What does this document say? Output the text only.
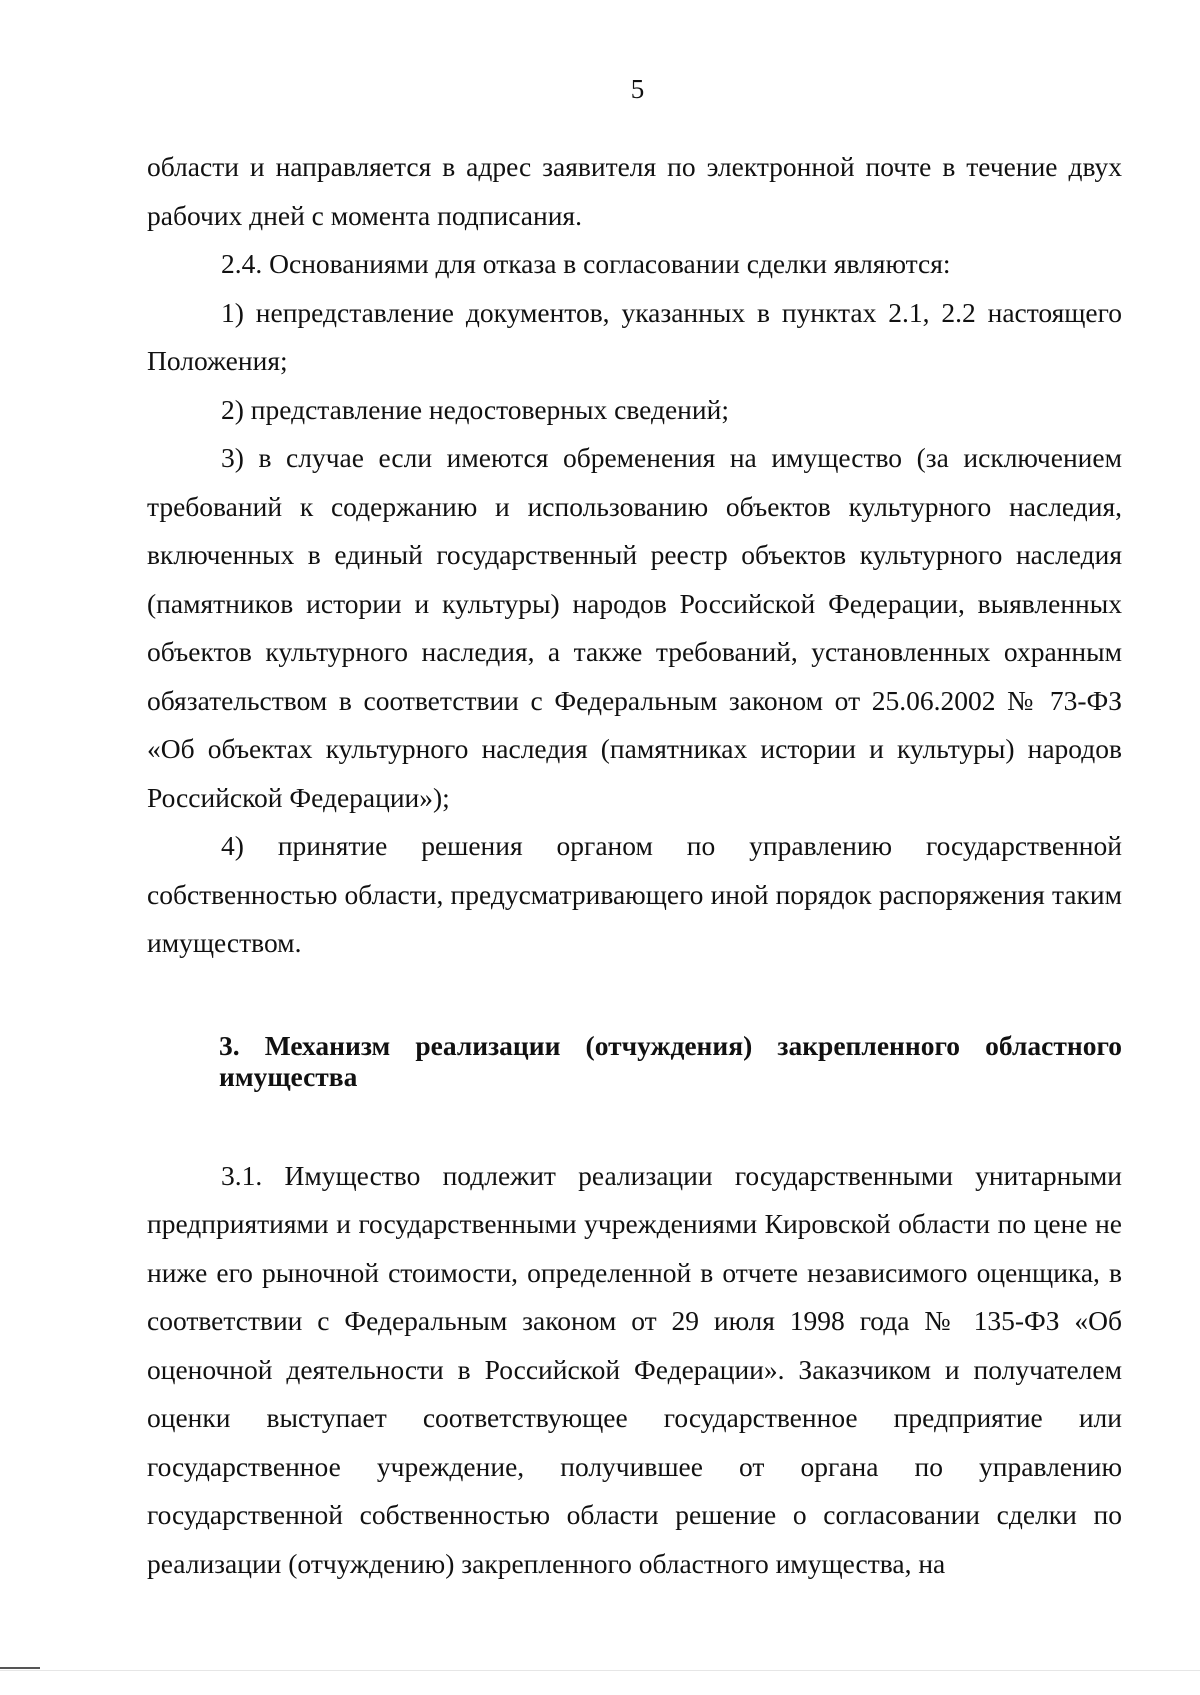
5

области и направляется в адрес заявителя по электронной почте в течение двух рабочих дней с момента подписания.

2.4. Основаниями для отказа в согласовании сделки являются:

1) непредставление документов, указанных в пунктах 2.1, 2.2 настоящего Положения;

2) представление недостоверных сведений;

3) в случае если имеются обременения на имущество (за исключением требований к содержанию и использованию объектов культурного наследия, включенных в единый государственный реестр объектов культурного наследия (памятников истории и культуры) народов Российской Федерации, выявленных объектов культурного наследия, а также требований, установленных охранным обязательством в соответствии с Федеральным законом от 25.06.2002 № 73-ФЗ «Об объектах культурного наследия (памятниках истории и культуры) народов Российской Федерации»);

4) принятие решения органом по управлению государственной собственностью области, предусматривающего иной порядок распоряжения таким имуществом.

3. Механизм реализации (отчуждения) закрепленного областного имущества

3.1. Имущество подлежит реализации государственными унитарными предприятиями и государственными учреждениями Кировской области по цене не ниже его рыночной стоимости, определенной в отчете независимого оценщика, в соответствии с Федеральным законом от 29 июля 1998 года № 135-ФЗ «Об оценочной деятельности в Российской Федерации». Заказчиком и получателем оценки выступает соответствующее государственное предприятие или государственное учреждение, получившее от органа по управлению государственной собственностью области решение о согласовании сделки по реализации (отчуждению) закрепленного областного имущества, на
